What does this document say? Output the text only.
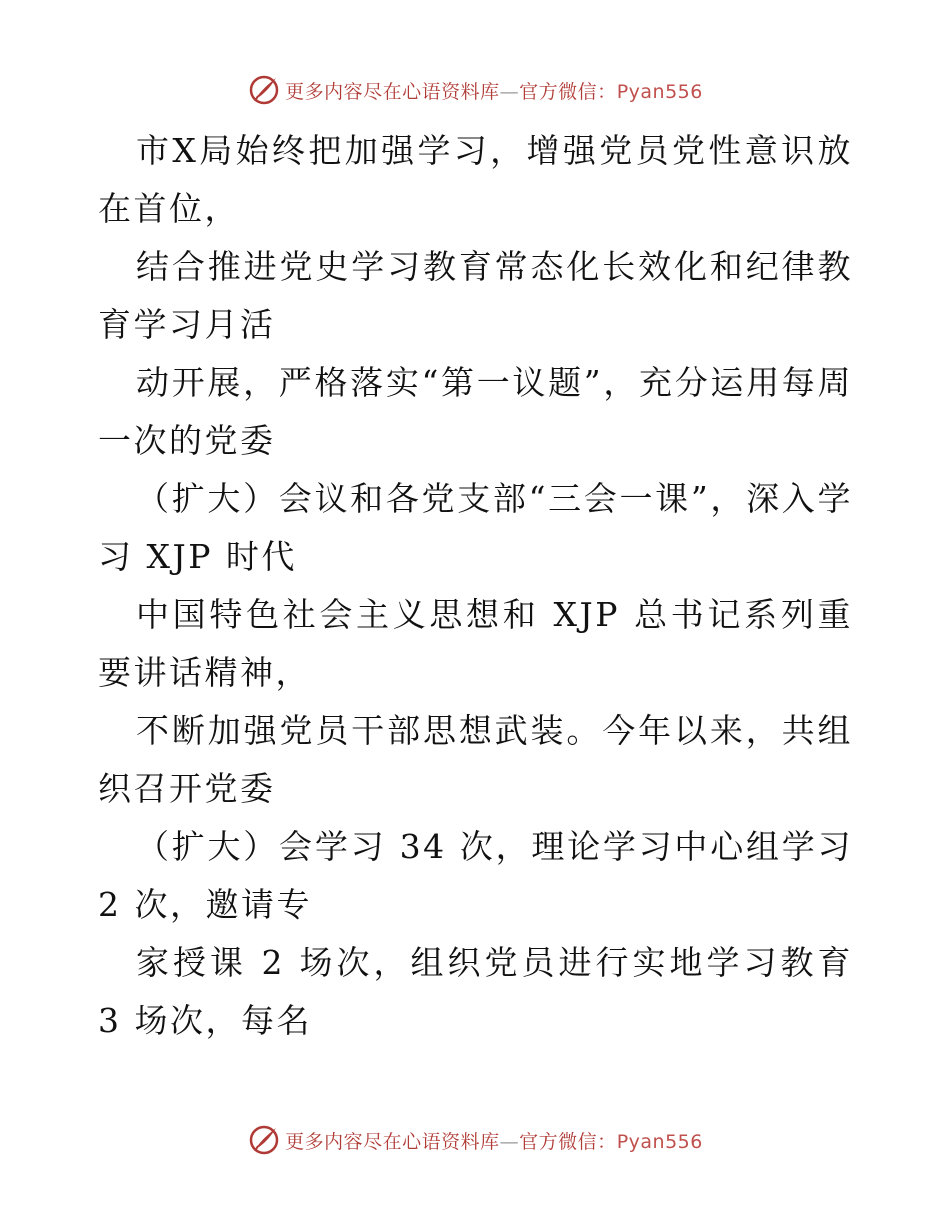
更多内容尽在心语资料库—官方微信：Pyan556

市X局始终把加强学习，增强党员党性意识放在首位，

结合推进党史学习教育常态化长效化和纪律教育学习月活

动开展，严格落实“第一议题”，充分运用每周一次的党委

（扩大）会议和各党支部“三会一课”，深入学习 XJP 时代

中国特色社会主义思想和 XJP 总书记系列重要讲话精神，

不断加强党员干部思想武装。今年以来，共组织召开党委

（扩大）会学习 34 次，理论学习中心组学习 2 次，邀请专

家授课 2 场次，组织党员进行实地学习教育 3 场次，每名

更多内容尽在心语资料库—官方微信：Pyan556
